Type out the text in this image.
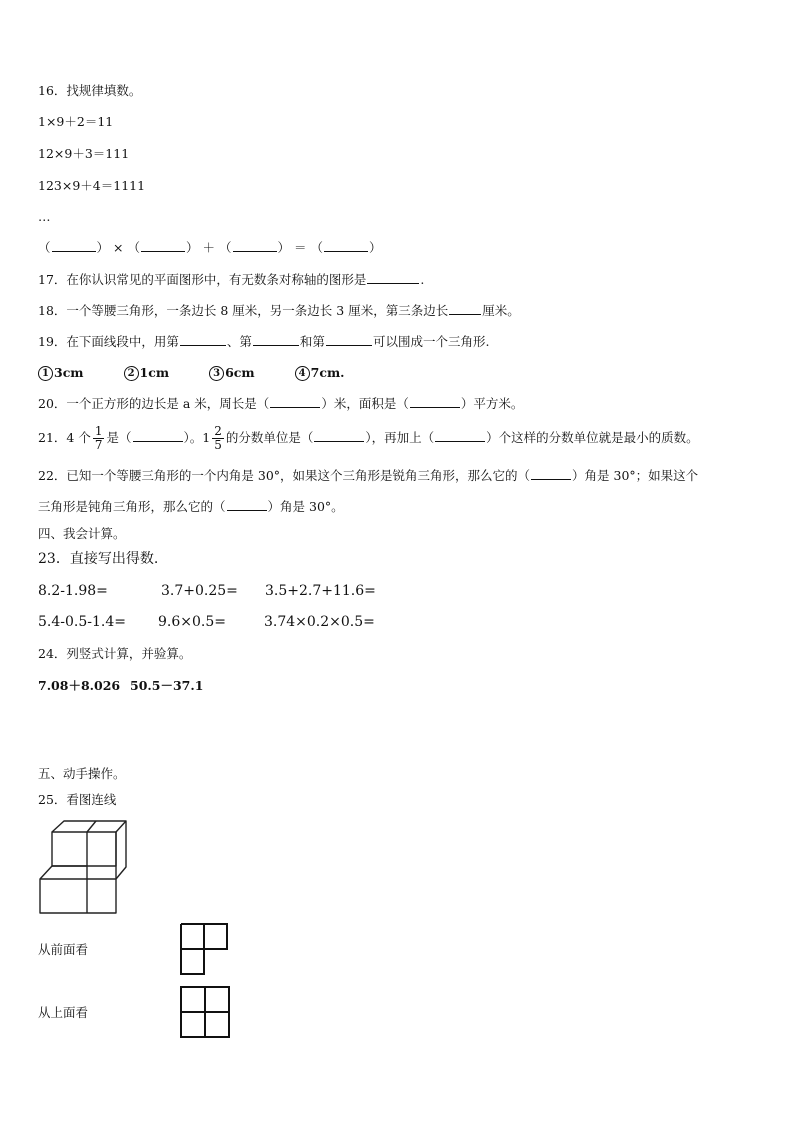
16．找规律填数。
1×9＋2＝11
12×9＋3＝111
123×9＋4＝1111
…
（	） × （	） ＋ （	） ＝ （	）
17．在你认识常见的平面图形中，有无数条对称轴的图形是	.
18．一个等腰三角形，一条边长 8 厘米，另一条边长 3 厘米，第三条边长	厘米。
19．在下面线段中，用第	、第	和第	可以围成一个三角形.
1 3cm	2 1cm	3 6cm	4 7cm.
20．一个正方形的边长是 a 米，周长是（	）米，面积是（	）平方米。
21．4 个 $\frac{1}{7}$ 是（	）。$1 \frac{2}{5}$ 的分数单位是（	），再加上（	）个这样的分数单位就是最小的质数。
22．已知一个等腰三角形的一个内角是 30°，如果这个三角形是锐角三角形，那么它的（	）角是 30°；如果这个
三角形是钝角三角形，那么它的（	）角是 30°。
四、我会计算。
23．直接写出得数.
8.2-1.98=	3.7+0.25= 3.5+2.7+11.6=
5.4-0.5-1.4= 9.6×0.5=	3.74×0.2×0.5=
24．列竖式计算，并验算。
7.08＋8.026 50.5－37.1
五、动手操作。
25．看图连线
从前面看
从上面看
